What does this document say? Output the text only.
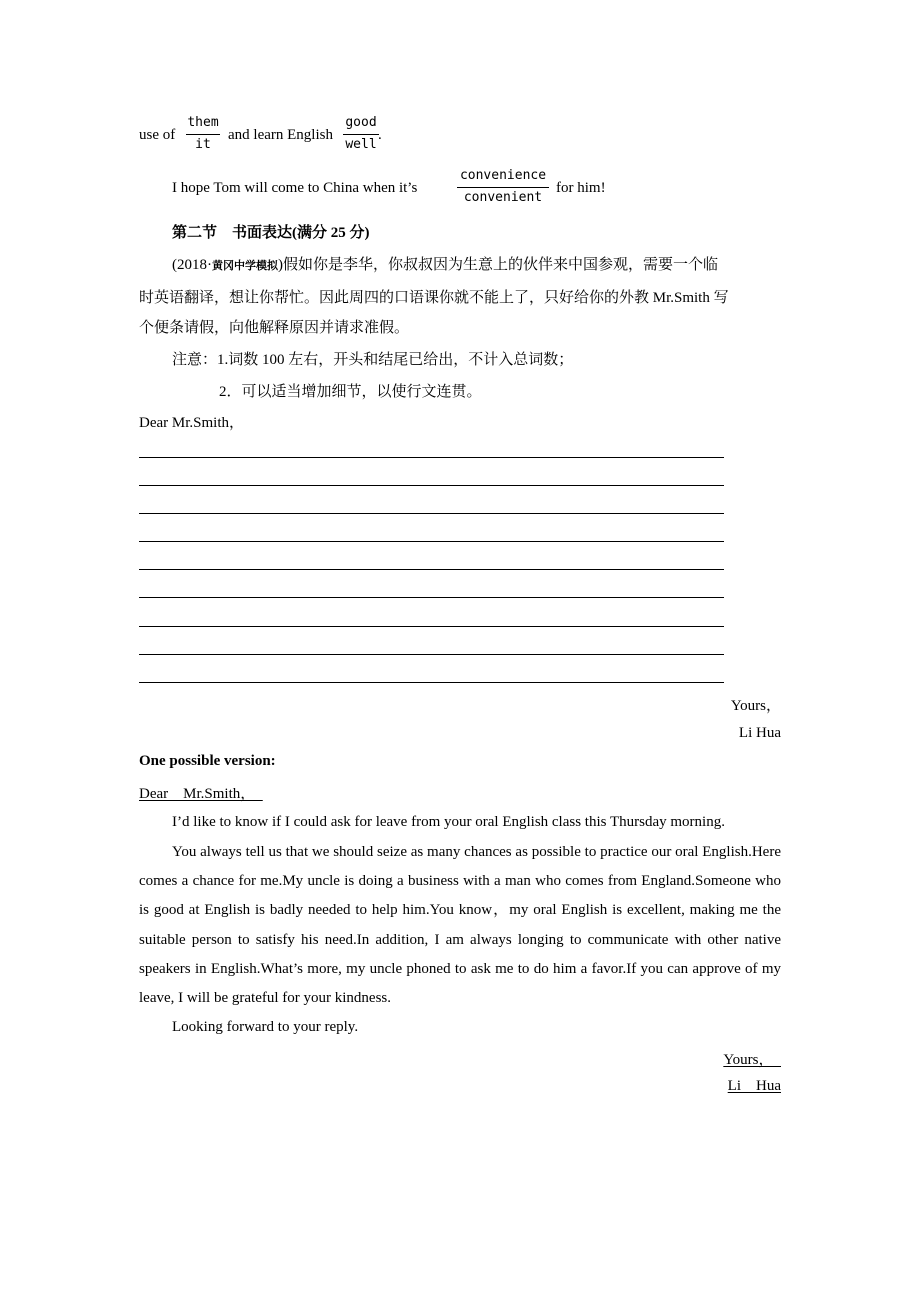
use of
them
it
and learn English
good
well
.
I hope Tom will come to China when it’s
convenience
convenient
for him!
第二节　书面表达(满分 25 分)
(2018·黄冈中学模拟)假如你是李华，你叔叔因为生意上的伙伴来中国参观，需要一个临
时英语翻译，想让你帮忙。因此周四的口语课你就不能上了，只好给你的外教 Mr.Smith 写
个便条请假，向他解释原因并请求准假。
注意：1.词数 100 左右，开头和结尾已给出，不计入总词数；
2．可以适当增加细节，以使行文连贯。
Dear Mr.Smith，
Yours，
Li Hua
One possible version:
Dear    Mr.Smith，
I’d like to know if I could ask for leave from your oral English class this Thursday morning.
You always tell us that we should seize as many chances as possible to practice our oral English.Here comes a chance for me.My uncle is doing a business with a man who comes from England.Someone who is good at English is badly needed to help him.You know，my oral English is excellent, making me the suitable person to satisfy his need.In addition, I am always longing to communicate with other native speakers in English.What’s more, my uncle phoned to ask me to do him a favor.If you can approve of my leave, I will be grateful for your kindness.
Looking forward to your reply.
Yours，
Li    Hua
